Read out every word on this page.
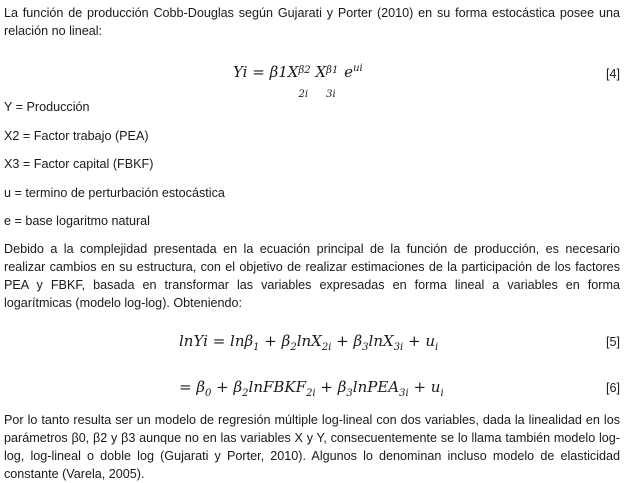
La función de producción Cobb-Douglas según Gujarati y Porter (2010) en su forma estocástica posee una relación no lineal:

Yi = β1X β2
2i
X β1
3i
$e^{ui}$	[4]

Y = Producción

X2 = Factor trabajo (PEA)

X3 = Factor capital (FBKF)

u = termino de perturbación estocástica

e = base logaritmo natural

Debido a la complejidad presentada en la ecuación principal de la función de producción, es necesario realizar cambios en su estructura, con el objetivo de realizar estimaciones de la participación de los factores PEA y FBKF, basada en transformar las variables expresadas en forma lineal a variables en forma logarítmicas (modelo log-log). Obteniendo:

lnYi = $\ln\beta_1 + \beta_2\ln X_{2i} + \beta_3\ln X_{3i} + u_i$	[5]
= $\beta_0$ + $\beta_2lnFBKF_{2i}$ + $\beta_3lnPEA_{3i} + u_i$	[6]

Por lo tanto resulta ser un modelo de regresión múltiple log-lineal con dos variables, dada la linealidad en los parámetros β0, β2 y β3 aunque no en las variables X y Y, consecuentemente se lo llama también modelo log-log, log-lineal o doble log (Gujarati y Porter, 2010). Algunos lo denominan incluso modelo de elasticidad constante (Varela, 2005).
